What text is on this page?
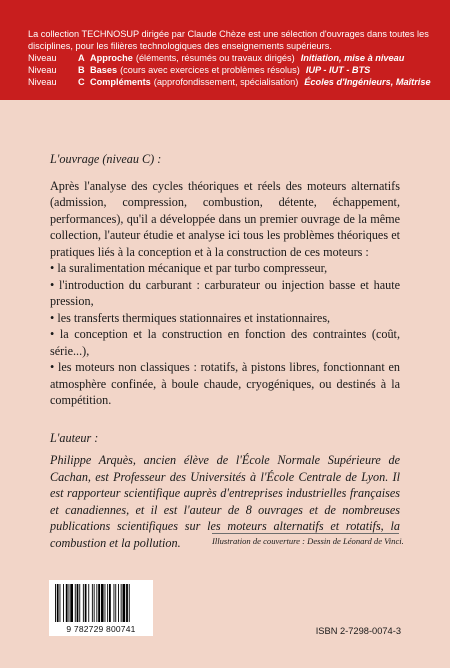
La collection TECHNOSUP dirigée par Claude Chèze est une sélection d'ouvrages dans toutes les disciplines, pour les filières technologiques des enseignements supérieurs.

Niveau	A Approche (éléments, résumés ou travaux dirigés) Initiation, mise à niveau
Niveau	B Bases (cours avec exercices et problèmes résolus) IUP - IUT - BTS
Niveau	C Compléments (approfondissement, spécialisation) Écoles d'Ingénieurs, Maîtrise

L'ouvrage (niveau C) :

Après l'analyse des cycles théoriques et réels des moteurs alternatifs (admission, compression, combustion, détente, échappement, performances), qu'il a développée dans un premier ouvrage de la même collection, l'auteur étudie et analyse ici tous les problèmes théoriques et pratiques liés à la conception et à la construction de ces moteurs :

• la suralimentation mécanique et par turbo compresseur,

• l'introduction du carburant : carburateur ou injection basse et haute pression,

• les transferts thermiques stationnaires et instationnaires,

• la conception et la construction en fonction des contraintes (coût, série...),

• les moteurs non classiques : rotatifs, à pistons libres, fonctionnant en atmosphère confinée, à boule chaude, cryogéniques, ou destinés à la compétition.

L'auteur :

Philippe Arquès, ancien élève de l'École Normale Supérieure de Cachan, est Professeur des Universités à l'École Centrale de Lyon. Il est rapporteur scientifique auprès d'entreprises industrielles françaises et canadiennes, et il est l'auteur de 8 ouvrages et de nombreuses publications scientifiques sur les moteurs alternatifs et rotatifs, la combustion et la pollution.	Illustration de couverture : Dessin de Léonard de Vinci.
9 782729 800741	ISBN 2-7298-0074-3
